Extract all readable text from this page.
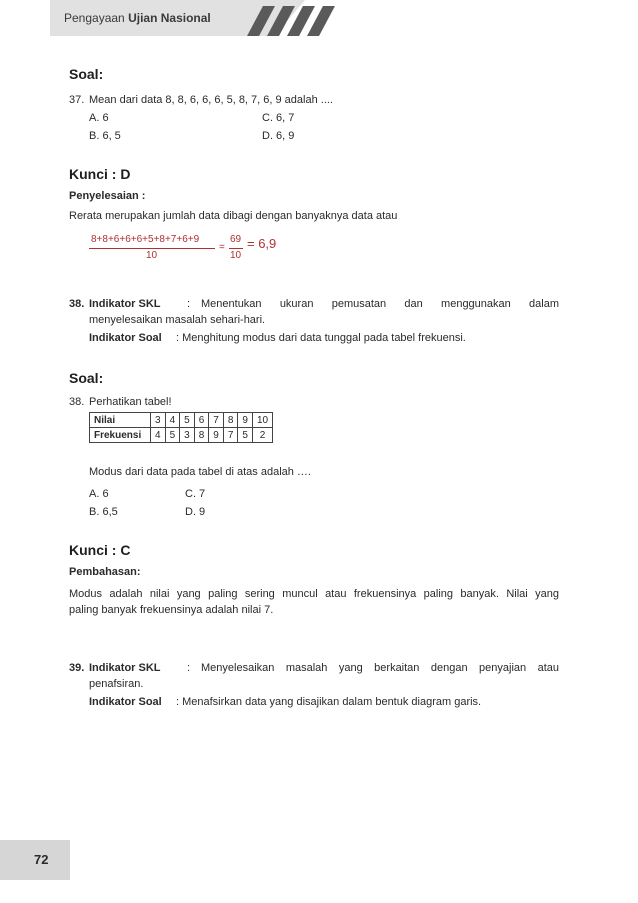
Pengayaan Ujian Nasional
Soal:
37. Mean dari data 8, 8, 6, 6, 6, 5, 8, 7, 6, 9 adalah ....
A. 6	C. 6, 7
B. 6, 5	D. 6, 9
Kunci : D
Penyelesaian :
Rerata merupakan jumlah data dibagi dengan banyaknya data atau
8+8+6+6+6+5+8+7+6+9
10
=
69
10
= 6,9
38. Indikator SKL : Menentukan ukuran pemusatan dan menggunakan dalam
menyelesaikan masalah sehari-hari.
Indikator Soal : Menghitung modus dari data tunggal pada tabel frekuensi.
Soal:
38. Perhatikan tabel!
Nilai	3	4	5	6	7	8	9	10
Frekuensi	4	5	3	8	9	7	5	2
Modus dari data pada tabel di atas adalah ….
A. 6	C. 7
B. 6,5	D. 9
Kunci : C
Pembahasan:
Modus adalah nilai yang paling sering muncul atau frekuensinya paling banyak. Nilai yang
paling banyak frekuensinya adalah nilai 7.
39. Indikator SKL : Menyelesaikan masalah yang berkaitan dengan penyajian atau
penafsiran.
Indikator Soal : Menafsirkan data yang disajikan dalam bentuk diagram garis.
72
